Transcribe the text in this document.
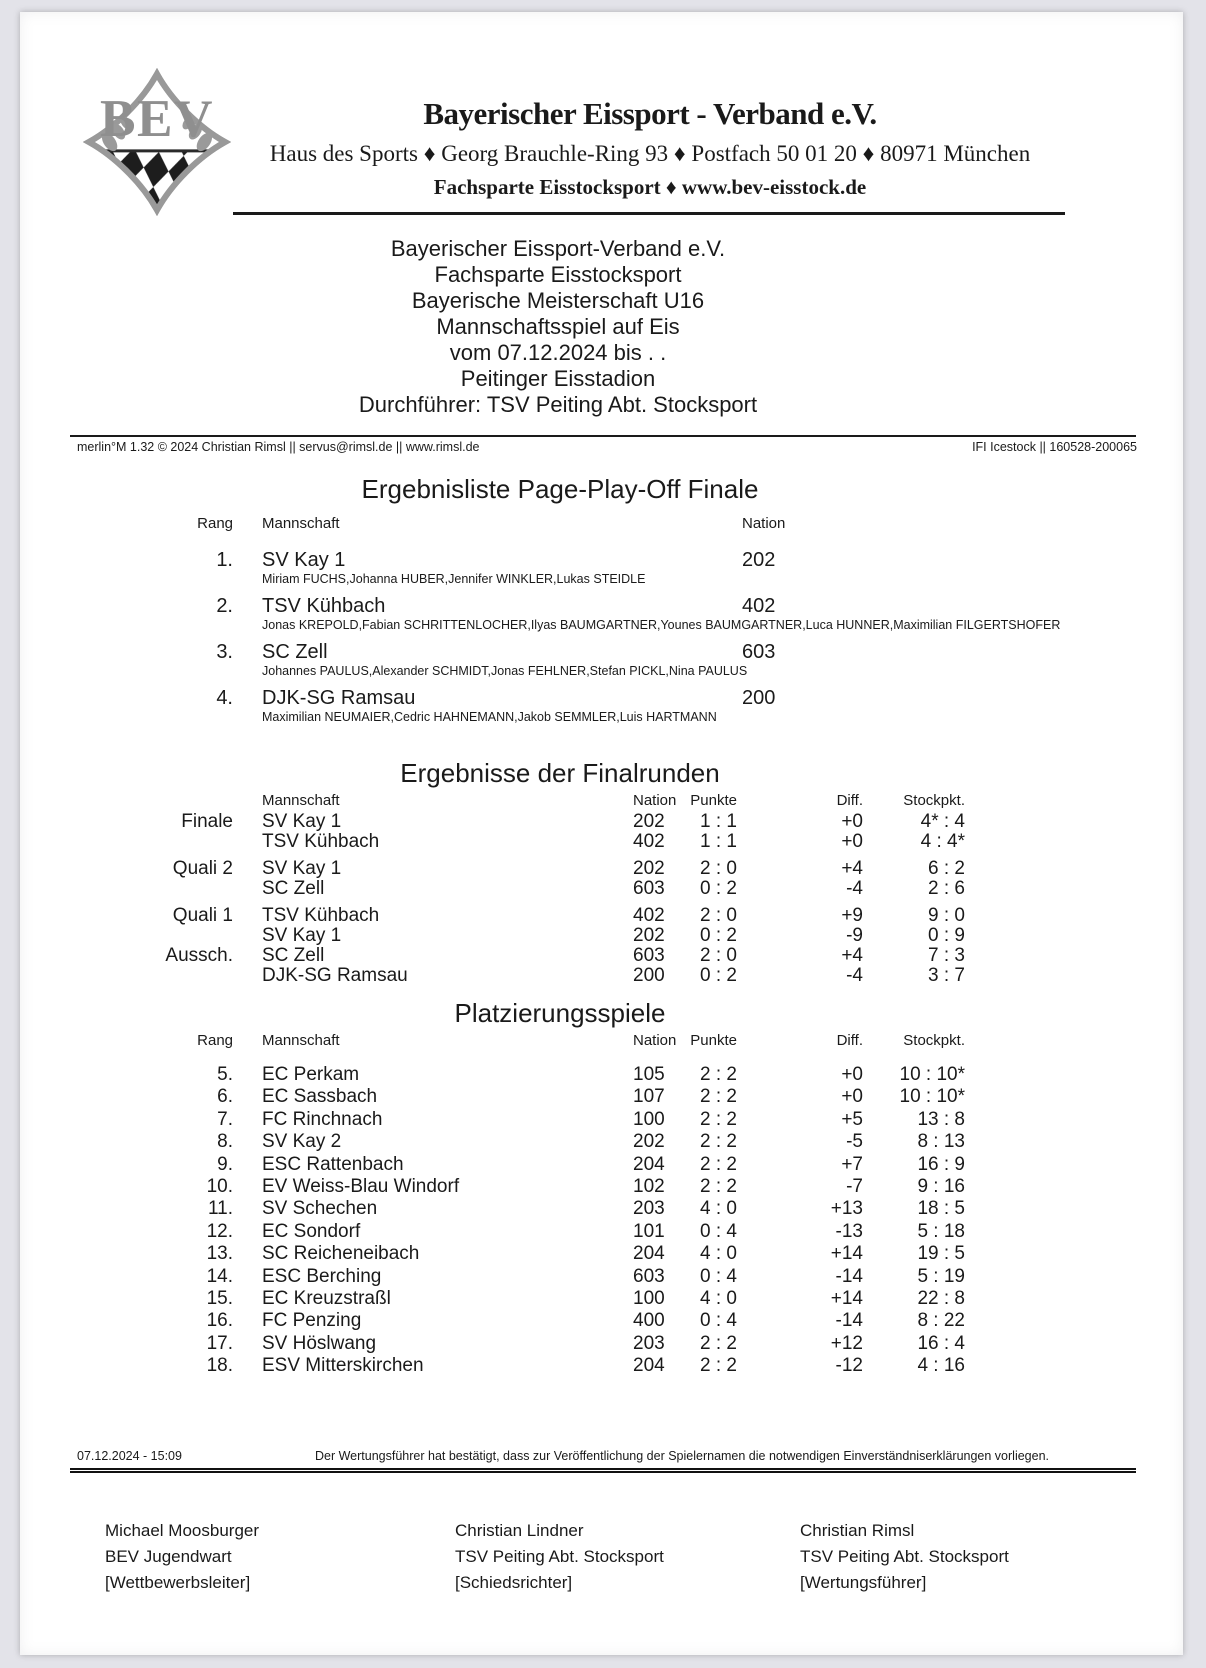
BEV	Bayerischer Eissport - Verband e.V.
Haus des Sports ♦ Georg Brauchle-Ring 93 ♦ Postfach 50 01 20 ♦ 80971 München
Fachsparte Eisstocksport ♦ www.bev-eisstock.de
Bayerischer Eissport-Verband e.V.
Fachsparte Eisstocksport
Bayerische Meisterschaft U16
Mannschaftsspiel auf Eis
vom 07.12.2024 bis . .
Peitinger Eisstadion
Durchführer: TSV Peiting Abt. Stocksport
merlin°M 1.32 © 2024 Christian Rimsl || servus@rimsl.de || www.rimsl.de	IFI Icestock || 160528-200065
Ergebnisliste Page-Play-Off Finale
Rang	Mannschaft	Nation
1.	SV Kay 1	202
Miriam FUCHS,Johanna HUBER,Jennifer WINKLER,Lukas STEIDLE
2.	TSV Kühbach	402
Jonas KREPOLD,Fabian SCHRITTENLOCHER,Ilyas BAUMGARTNER,Younes BAUMGARTNER,Luca HUNNER,Maximilian FILGERTSHOFER
3.	SC Zell	603
Johannes PAULUS,Alexander SCHMIDT,Jonas FEHLNER,Stefan PICKL,Nina PAULUS
4.	DJK-SG Ramsau	200
Maximilian NEUMAIER,Cedric HAHNEMANN,Jakob SEMMLER,Luis HARTMANN
Ergebnisse der Finalrunden
Mannschaft	Nation Punkte	Diff.	Stockpkt.
Finale	SV Kay 1	202	1 : 1	+0	4* : 4
TSV Kühbach	402	1 : 1	+0	4 : 4*
Quali 2	SV Kay 1	202	2 : 0	+4	6 : 2
SC Zell	603	0 : 2	-4	2 : 6
Quali 1	TSV Kühbach	402	2 : 0	+9	9 : 0
SV Kay 1	202	0 : 2	-9	0 : 9
Aussch.	SC Zell	603	2 : 0	+4	7 : 3
DJK-SG Ramsau	200	0 : 2	-4	3 : 7
Platzierungsspiele
Rang	Mannschaft	Nation Punkte	Diff.	Stockpkt.
5.	EC Perkam	105	2 : 2	+0	10 : 10*
6.	EC Sassbach	107	2 : 2	+0	10 : 10*
7.	FC Rinchnach	100	2 : 2	+5	13 : 8
8.	SV Kay 2	202	2 : 2	-5	8 : 13
9.	ESC Rattenbach	204	2 : 2	+7	16 : 9
10.	EV Weiss-Blau Windorf	102	2 : 2	-7	9 : 16
11.	SV Schechen	203	4 : 0	+13	18 : 5
12.	EC Sondorf	101	0 : 4	-13	5 : 18
13.	SC Reicheneibach	204	4 : 0	+14	19 : 5
14.	ESC Berching	603	0 : 4	-14	5 : 19
15.	EC Kreuzstraßl	100	4 : 0	+14	22 : 8
16.	FC Penzing	400	0 : 4	-14	8 : 22
17.	SV Höslwang	203	2 : 2	+12	16 : 4
18.	ESV Mitterskirchen	204	2 : 2	-12	4 : 16
07.12.2024 - 15:09	Der Wertungsführer hat bestätigt, dass zur Veröffentlichung der Spielernamen die notwendigen Einverständniserklärungen vorliegen.
Michael Moosburger
BEV Jugendwart
[Wettbewerbsleiter]
Christian Lindner
TSV Peiting Abt. Stocksport
[Schiedsrichter]
Christian Rimsl
TSV Peiting Abt. Stocksport
[Wertungsführer]
